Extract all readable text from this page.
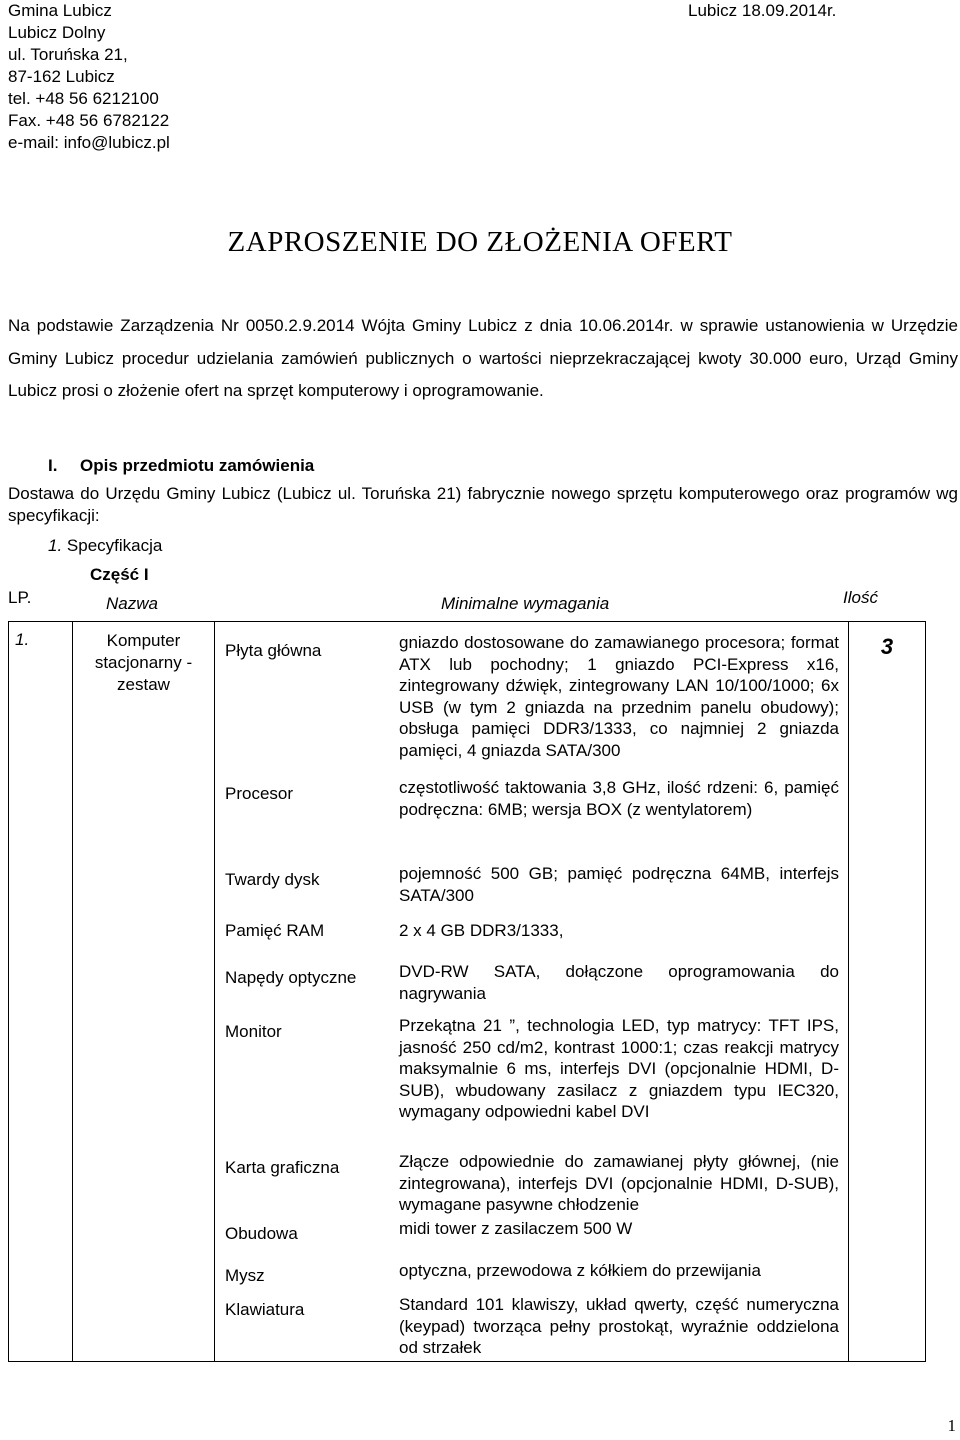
Gmina Lubicz
Lubicz Dolny
ul. Toruńska 21,
87-162 Lubicz
tel. +48 56 6212100
Fax. +48 56 6782122
e-mail: info@lubicz.pl
Lubicz 18.09.2014r.
ZAPROSZENIE DO ZŁOŻENIA OFERT
Na podstawie Zarządzenia Nr 0050.2.9.2014 Wójta Gminy Lubicz z dnia 10.06.2014r. w sprawie ustanowienia w Urzędzie Gminy Lubicz procedur udzielania zamówień publicznych o wartości nieprzekraczającej kwoty 30.000 euro, Urząd Gminy Lubicz prosi o złożenie ofert na sprzęt komputerowy i oprogramowanie.
I. Opis przedmiotu zamówienia
Dostawa do Urzędu Gminy Lubicz (Lubicz ul. Toruńska 21) fabrycznie nowego sprzętu komputerowego oraz programów wg specyfikacji:
1. Specyfikacja
Część I
LP.	Nazwa	Minimalne wymagania	Ilość
1.	Komputer stacjonarny - zestaw	
Płyta główna	gniazdo dostosowane do zamawianego procesora; format ATX lub pochodny; 1 gniazdo PCI-Express x16, zintegrowany dźwięk, zintegrowany LAN 10/100/1000; 6x USB (w tym 2 gniazda na przednim panelu obudowy); obsługa pamięci DDR3/1333, co najmniej 2 gniazda pamięci, 4 gniazda SATA/300
Procesor	częstotliwość taktowania 3,8 GHz, ilość rdzeni: 6, pamięć podręczna: 6MB; wersja BOX (z wentylatorem)
Twardy dysk	pojemność 500 GB; pamięć podręczna 64MB, interfejs SATA/300
Pamięć RAM	2 x 4 GB DDR3/1333,
Napędy optyczne	DVD-RW SATA, dołączone oprogramowania do nagrywania
Monitor	Przekątna 21 ”, technologia LED, typ matrycy: TFT IPS, jasność 250 cd/m2, kontrast 1000:1; czas reakcji matrycy maksymalnie 6 ms, interfejs DVI (opcjonalnie HDMI, D-SUB), wbudowany zasilacz z gniazdem typu IEC320, wymagany odpowiedni kabel DVI
Karta graficzna	Złącze odpowiednie do zamawianej płyty głównej, (nie zintegrowana), interfejs DVI (opcjonalnie HDMI, D-SUB), wymagane pasywne chłodzenie
Obudowa	midi tower z zasilaczem 500 W
Mysz	optyczna, przewodowa z kółkiem do przewijania
Klawiatura	Standard 101 klawiszy, układ qwerty, część numeryczna (keypad) tworząca pełny prostokąt, wyraźnie oddzielona od strzałek
	3
1
